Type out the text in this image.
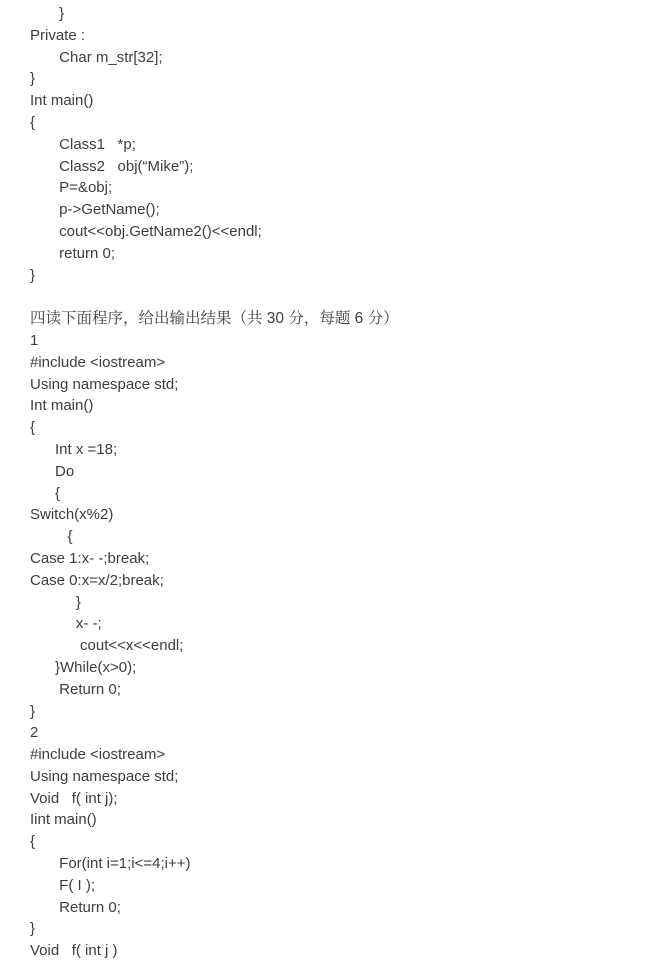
}
Private :
Char m_str[32];
}
Int main()
{
Class1   *p;
Class2   obj(“Mike”);
P=&obj;
p->GetName();
cout<<obj.GetName2()<<endl;
return 0;
}
四读下面程序，给出输出结果（共 30 分，每题 6 分）
1
#include <iostream>
Using namespace std;
Int main()
{
Int x =18;
Do
{
Switch(x%2)
{
Case 1:x- -;break;
Case 0:x=x/2;break;
}
x- -;
cout<<x<<endl;
}While(x>0);
Return 0;
}
2
#include <iostream>
Using namespace std;
Void   f( int j);
Iint main()
{
For(int i=1;i<=4;i++)
F( I );
Return 0;
}
Void   f( int j )
